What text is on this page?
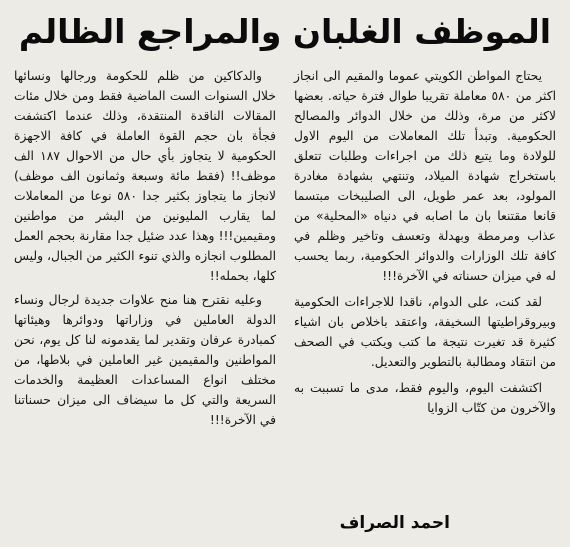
الموظف الغلبان والمراجع الظالم

يحتاج المواطن الكويتي عموما والمقيم الى انجاز اكثر من ٥٨٠ معاملة تقريبا طوال فترة حياته. بعضها لاكثر من مرة، وذلك من خلال الدوائر والمصالح الحكومية. وتبدأ تلك المعاملات من اليوم الاول للولادة وما يتبع ذلك من اجراءات وطلبات تتعلق باستخراج شهادة الميلاد، وتنتهي بشهادة مغادرة المولود، بعد عمر طويل، الى الصليبخات مبتسما قانعا مقتنعا بان ما اصابه في دنياه «المحلية» من عذاب ومرمطة وبهدلة وتعسف وتاخير وظلم في كافة تلك الوزارات والدوائر الحكومية، ربما يحسب له في ميزان حسناته في الآخرة!!!

لقد كنت، على الدوام، ناقدا للاجراءات الحكومية وبيروقراطيتها السخيفة، واعتقد باخلاص بان اشياء كثيرة قد تغيرت نتيجة ما كتب ويكتب في الصحف من انتقاد ومطالبة بالتطوير والتعديل.

اكتشفت اليوم، واليوم فقط، مدى ما تسببت به والآخرون من كتّاب الزوايا

والدكاكين من ظلم للحكومة ورجالها ونسائها خلال السنوات الست الماضية فقط ومن خلال مئات المقالات الناقدة المنتقدة، وذلك عندما اكتشفت فجأة بان حجم القوة العاملة في كافة الاجهزة الحكومية لا يتجاوز بأي حال من الاحوال ١٨٧ الف موظف!! (فقط مائة وسبعة وثمانون الف موظف) لانجاز ما يتجاوز بكثير جدا ٥٨٠ نوعا من المعاملات لما يقارب المليونين من البشر من مواطنين ومقيمين!!! وهذا عدد ضئيل جدا مقارنة بحجم العمل المطلوب انجازه والذي تنوء الكثير من الجبال، وليس كلها، بحمله!!

وعليه نقترح هنا منح علاوات جديدة لرجال ونساء الدولة العاملين في وزاراتها ودوائرها وهيئاتها كمبادرة عرفان وتقدير لما يقدمونه لنا كل يوم، نحن المواطنين والمقيمين غير العاملين في بلاطها، من مختلف انواع المساعدات العظيمة والخدمات السريعة والتي كل ما سيضاف الى ميزان حسناتنا في الآخرة!!!

احمد الصراف
